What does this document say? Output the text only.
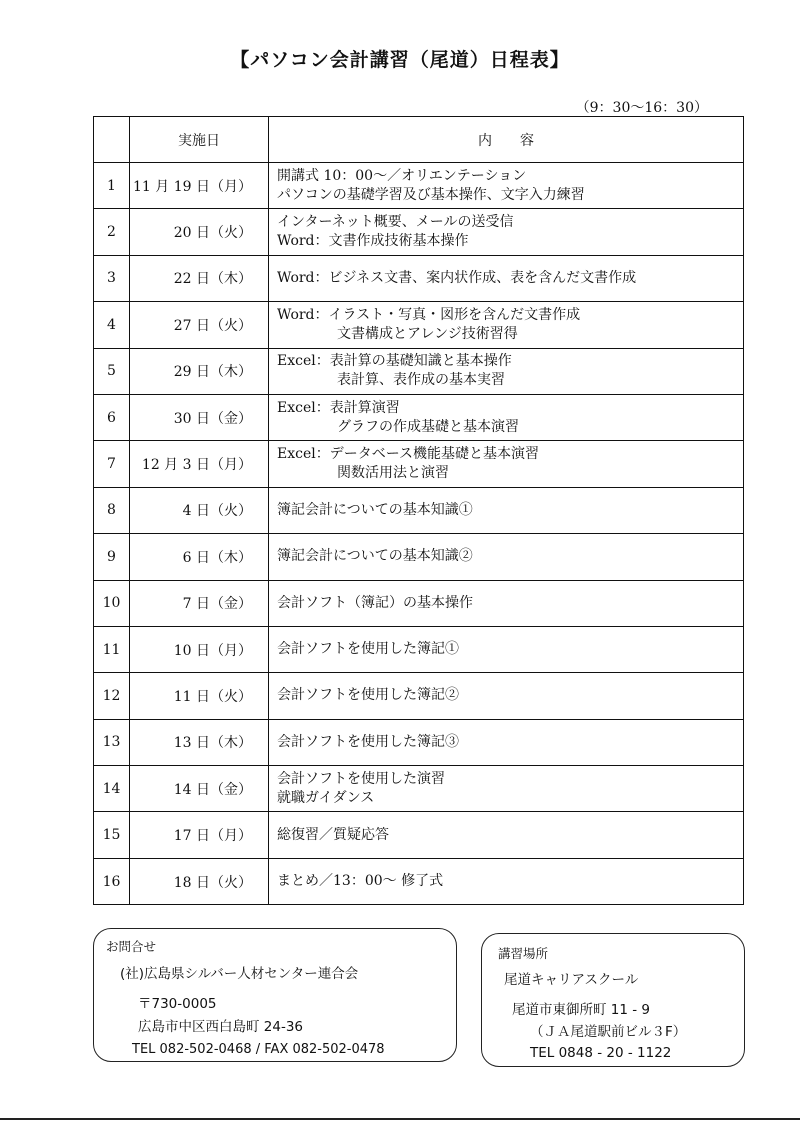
【パソコン会計講習（尾道）日程表】
（9：30〜16：30）
	実施日	内　　容
1	11 月 19 日（月）	開講式 10：00〜／オリエンテーション
パソコンの基礎学習及び基本操作、文字入力練習

2	20 日（火）	インターネット概要、メールの送受信
Word：文書作成技術基本操作

3	22 日（木）	Word：ビジネス文書、案内状作成、表を含んだ文書作成

4	27 日（火）	Word：イラスト・写真・図形を含んだ文書作成
文書構成とアレンジ技術習得

5	29 日（木）	Excel：表計算の基礎知識と基本操作
表計算、表作成の基本実習

6	30 日（金）	Excel：表計算演習
グラフの作成基礎と基本演習

7	12 月 3 日（月）	Excel：データベース機能基礎と基本演習
関数活用法と演習

8	4 日（火）	簿記会計についての基本知識①

9	6 日（木）	簿記会計についての基本知識②

10	7 日（金）	会計ソフト（簿記）の基本操作

11	10 日（月）	会計ソフトを使用した簿記①

12	11 日（火）	会計ソフトを使用した簿記②

13	13 日（木）	会計ソフトを使用した簿記③

14	14 日（金）	会計ソフトを使用した演習
就職ガイダンス

15	17 日（月）	総復習／質疑応答

16	18 日（火）	まとめ／13：00〜 修了式
お問合せ
(社)広島県シルバー人材センター連合会
〒730-0005
広島市中区西白島町 24-36
TEL 082-502-0468 / FAX 082-502-0478
講習場所
尾道キャリアスクール
尾道市東御所町 11 - 9
（ＪＡ尾道駅前ビル３F）
TEL 0848 - 20 - 1122
